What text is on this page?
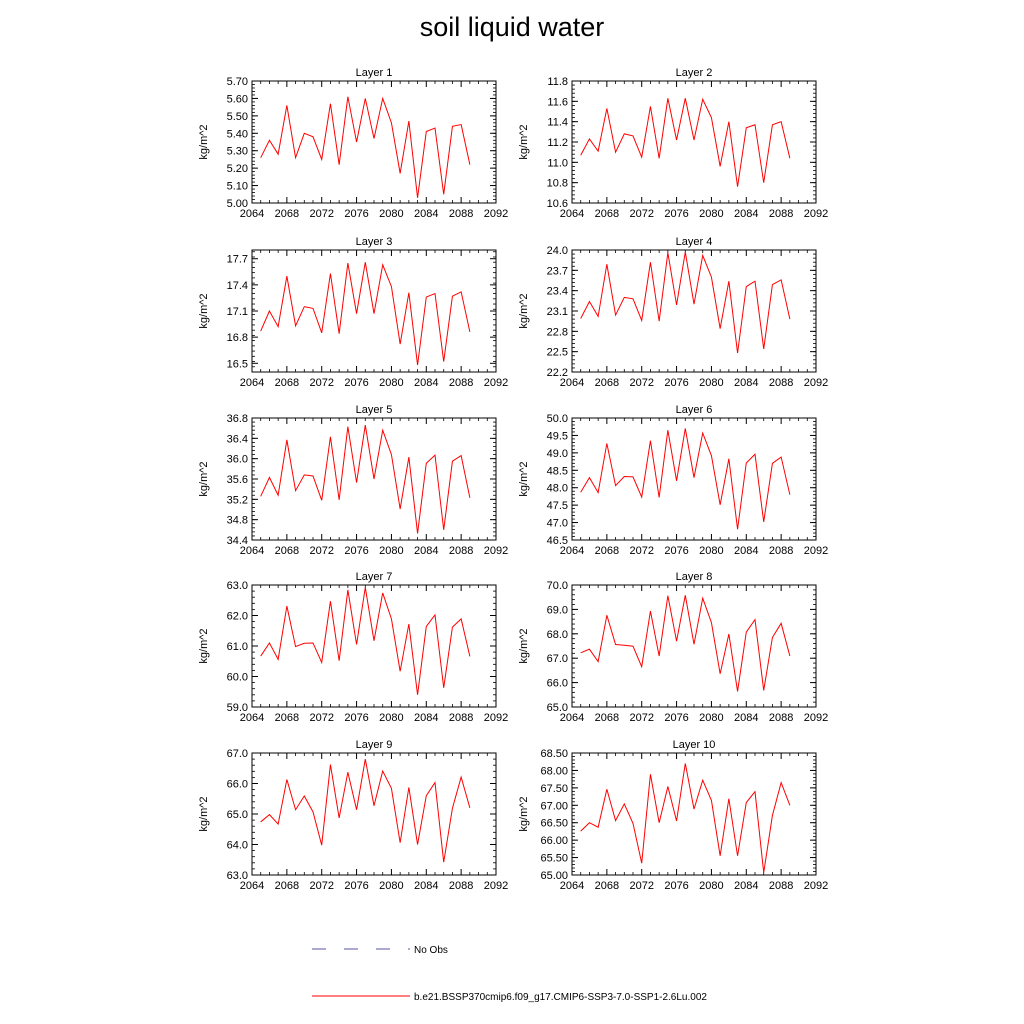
soil liquid water
Layer 1
2064 2068 2072 2076 2080 2084 2088 2092
5.00
5.10
5.20
5.30
5.40
5.50
5.60
5.70
kg/m^2
Layer 2
2064 2068 2072 2076 2080 2084 2088 2092
10.6
10.8
11.0
11.2
11.4
11.6
11.8
kg/m^2
Layer 3
2064 2068 2072 2076 2080 2084 2088 2092
16.5
16.8
17.1
17.4
17.7
kg/m^2
Layer 4
2064 2068 2072 2076 2080 2084 2088 2092
22.2
22.5
22.8
23.1
23.4
23.7
24.0
kg/m^2
Layer 5
2064 2068 2072 2076 2080 2084 2088 2092
34.4
34.8
35.2
35.6
36.0
36.4
36.8
kg/m^2
Layer 6
2064 2068 2072 2076 2080 2084 2088 2092
46.5
47.0
47.5
48.0
48.5
49.0
49.5
50.0
kg/m^2
Layer 7
2064 2068 2072 2076 2080 2084 2088 2092
59.0
60.0
61.0
62.0
63.0
kg/m^2
Layer 8
2064 2068 2072 2076 2080 2084 2088 2092
65.0
66.0
67.0
68.0
69.0
70.0
kg/m^2
Layer 9
2064 2068 2072 2076 2080 2084 2088 2092
63.0
64.0
65.0
66.0
67.0
kg/m^2
Layer 10
2064 2068 2072 2076 2080 2084 2088 2092
65.00
65.50
66.00
66.50
67.00
67.50
68.00
68.50
kg/m^2
No Obs
b.e21.BSSP370cmip6.f09_g17.CMIP6-SSP3-7.0-SSP1-2.6Lu.002
